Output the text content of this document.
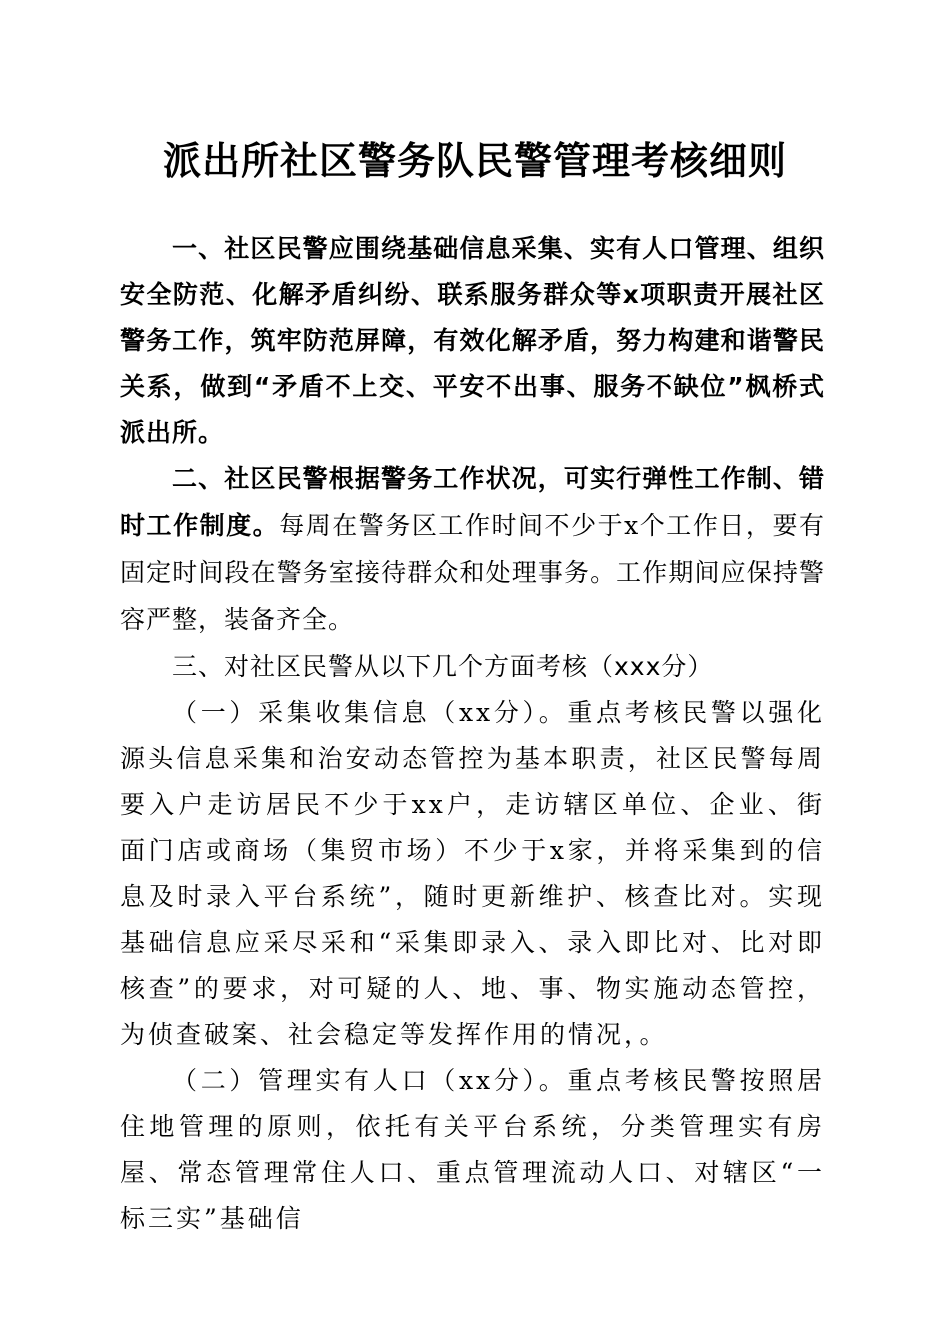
派出所社区警务队民警管理考核细则

一、社区民警应围绕基础信息采集、实有人口管理、组织安全防范、化解矛盾纠纷、联系服务群众等x项职责开展社区警务工作，筑牢防范屏障，有效化解矛盾，努力构建和谐警民关系，做到“矛盾不上交、平安不出事、服务不缺位”枫桥式派出所。

二、社区民警根据警务工作状况，可实行弹性工作制、错时工作制度。每周在警务区工作时间不少于x个工作日，要有固定时间段在警务室接待群众和处理事务。工作期间应保持警容严整，装备齐全。

三、对社区民警从以下几个方面考核（xxx分）

（一）采集收集信息（xx分）。重点考核民警以强化源头信息采集和治安动态管控为基本职责，社区民警每周要入户走访居民不少于xx户，走访辖区单位、企业、街面门店或商场（集贸市场）不少于x家，并将采集到的信息及时录入平台系统”，随时更新维护、核查比对。实现基础信息应采尽采和“采集即录入、录入即比对、比对即核查”的要求，对可疑的人、地、事、物实施动态管控，为侦查破案、社会稳定等发挥作用的情况，。

（二）管理实有人口（xx分）。重点考核民警按照居住地管理的原则，依托有关平台系统，分类管理实有房屋、常态管理常住人口、重点管理流动人口、对辖区“一标三实”基础信
